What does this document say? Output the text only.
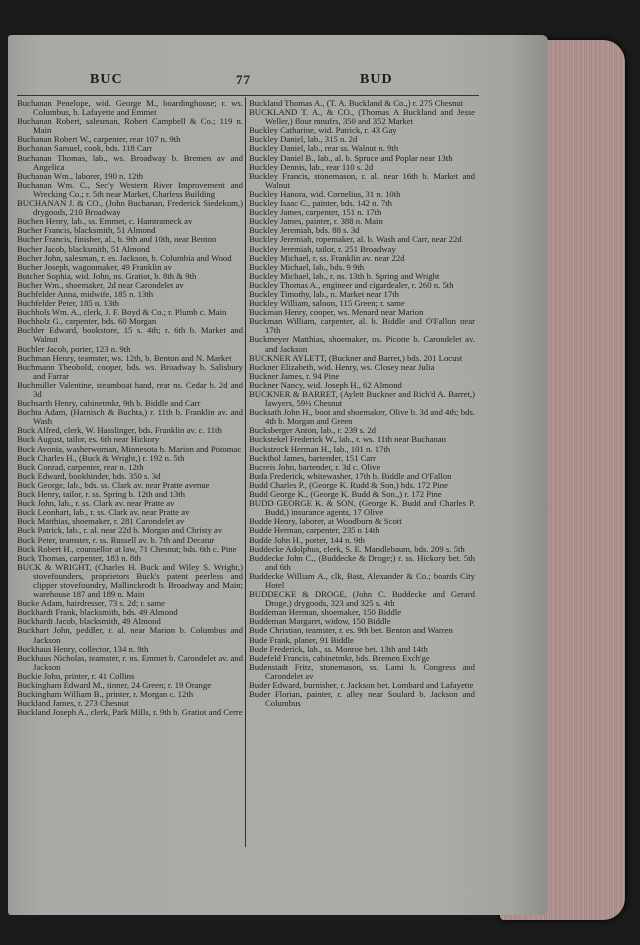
BUC	77	BUD
Buchanan Penelope, wid. George M., boardinghouse; r. ws. Columbus, b. Lafayette and Emmet
Buchanan Robert, salesman, Robert Campbell & Co.; 119 n. Main
Buchanan Robert W., carpenter, rear 107 n. 9th
Buchanan Samuel, cook, bds. 118 Carr
Buchanan Thomas, lab., ws. Broadway b. Bremen av and Angelica
Buchanan Wm., laborer, 190 n. 12th
Buchanan Wm. C., Sec'y Western River Improvement and Wrecking Co.; r. 5th near Market, Charless Building
BUCHANAN J. & CO., (John Buchanan, Frederick Siedekum,) drygoods, 210 Broadway
Buchen Henry, lab., ss. Emmet, c. Hamtrameck av
Bucher Francis, blacksmith, 51 Almond
Bucher Francis, finisher, al., b. 9th and 10th, near Benton
Bucher Jacob, blacksmith, 51 Almond
Bucher John, salesman, r. es. Jackson, b. Columbia and Wood
Bucher Joseph, wagonmaker, 49 Franklin av
Butcher Sophia, wid. John, ns. Gratiot, b. 8th & 9th
Bucher Wm., shoemaker, 2d near Carondelet av
Buchfelder Anna, midwife, 185 n. 13th
Buchfelder Peter, 185 n. 13th
Buchhols Wm. A., clerk, J. F. Boyd & Co.; r. Plumb c. Main
Buchholz G., carpenter, bds. 60 Morgan
Buchler Edward, bookstore, 15 s. 4th; r. 6th b. Market and Walnut
Buchler Jacob, porter, 123 n. 9th
Buchman Henry, teamster, ws. 12th, b. Benton and N. Market
Buchmann Theobold, cooper, bds. ws. Broadway b. Salisbury and Farrar
Buchmiller Valentine, steamboat hand, rear ns. Cedar b. 2d and 3d
Buchsarth Henry, cabinetmkr, 9th b. Biddle and Carr
Buchta Adam, (Harnisch & Buchta,) r. 11th b. Franklin av. and Wash
Buck Alfred, clerk, W. Hasslinger, bds. Franklin av. c. 11th
Buck August, tailor, es. 6th near Hickory
Buck Avonia, washerwoman, Minnesota b. Marion and Potomac
Buck Charles H., (Buck & Wright,) r. 192 n. 5th
Buck Conrad, carpenter, rear n. 12th
Buck Edward, bookbinder, bds. 350 s. 3d
Buck George, lab., bds. ss. Clark av. near Pratte avenue
Buck Henry, tailor, r. ss. Spring b. 12th and 13th
Buck John, lab., r. ss. Clark av. near Pratte av
Buck Leonhart, lab., r. ss. Clark av. near Pratte av
Buck Matthias, shoemaker, r. 281 Carondelet av
Buck Patrick, lab., r. al. near 22d b. Morgan and Christy av
Buck Peter, teamster, r. ss. Russell av. b. 7th and Decatur
Buck Robert H., counsellor at law, 71 Chesnut; bds. 6th c. Pine
Buck Thomas, carpenter, 183 n. 8th
BUCK & WRIGHT, (Charles H. Buck and Wiley S. Wright,) stovefounders, proprietors Buck's patent peerless and clipper stovefoundry, Mallinckrodt b. Broadway and Main; warehouse 187 and 189 n. Main
Bucke Adam, hairdresser, 73 s. 2d; r. same
Buckhardt Frank, blacksmith, bds. 49 Almond
Buckhardt Jacob, blacksmith, 49 Almond
Buckhart John, peddler, r. al. near Marion b. Columbus and Jackson
Buckhaus Henry, collector, 134 n. 9th
Buckhaus Nicholas, teamster, r. ns. Emmet b. Carondelet av. and Jackson
Buckie John, printer, r. 41 Collins
Buckingham Edward M., tinner, 24 Green; r. 19 Orange
Buckingham William B., printer, r. Morgan c. 12th
Buckland James, r. 273 Chesnut
Buckland Joseph A., clerk, Park Mills, r. 9th b. Gratiot and Cerre
Buckland Thomas A., (T. A. Buckland & Co.,) r. 275 Chesnut
BUCKLAND T. A., & CO., (Thomas A Buckland and Jesse Weller,) flour mnufrs, 350 and 352 Market
Buckley Catharine, wid. Patrick, r. 43 Gay
Buckley Daniel, lab., 315 n. 2d
Buckley Daniel, lab., rear ss. Walnut n. 9th
Buckley Daniel B., lab., al. b. Spruce and Poplar near 13th
Buckley Dennis, lab., rear 110 s. 2d
Buckley Francis, stonemason, r. al. near 16th b. Market and Walnut
Buckley Hanora, wid. Cornelius, 31 n. 10th
Buckley Isaac C., painter, bds. 142 n. 7th
Buckley James, carpenter, 151 n. 17th
Buckley James, painter, r. 388 n. Main
Buckley Jeremiah, bds. 88 s. 3d
Buckley Jeremiah, ropemaker, al. b. Wash and Carr, near 22d
Buckley Jeremiah, tailor, r. 251 Broadway
Buckley Michael, r. ss. Franklin av. near 22d
Buckley Michael, lab., bds. 9 9th
Buckley Michael, lab., r. ns. 13th b. Spring and Wright
Buckley Thomas A., engineer and cigardealer, r. 260 n. 5th
Buckley Timothy, lab., n. Market near 17th
Buckley William, saloon, 115 Green; r. same
Buckman Henry, cooper, ws. Menard near Marion
Buckman William, carpenter, al. b. Biddle and O'Fallon near 17th
Buckmeyer Matthias, shoemaker, ns. Picotte b. Carondelet av. and Jackson
BUCKNER AYLETT, (Buckner and Barret,) bds. 201 Locust
Buckner Elizabeth, wid. Henry, ws. Closey near Julia
Buckner James, r. 94 Pine
Buckner Nancy, wid. Joseph H., 62 Almond
BUCKNER & BARRET, (Aylett Buckner and Rich'd A. Barret,) lawyers, 59½ Chesnut
Bucksath John H., boot and shoemaker, Olive b. 3d and 4th; bds. 4th b. Morgan and Green
Bucksberger Anton, lab., r. 239 s. 2d
Buckstekel Frederick W., lab., r. ws. 11th near Buchanan
Buckstrock Herman H., lab., 101 n. 17th
Buckthol James, bartender, 151 Carr
Bucreis John, bartender, r. 3d c. Olive
Buda Frederick, whitewasher, 17th b. Biddle and O'Fallon
Budd Charles P., (George K. Rudd & Son,) bds. 172 Pine
Budd George K., (George K. Budd & Son.,) r. 172 Pine
BUDD GEORGE K. & SON, (George K. Budd and Charles P. Budd,) insurance agents, 17 Olive
Budde Henry, laborer, at Woodburn & Scott
Budde Herman, carpenter, 235 n 14th
Budde John H., porter, 144 n. 9th
Buddecke Adolphus, clerk, S. E. Mandlebaum, bds. 209 s. 5th
Buddecke John C., (Buddecke & Droge;) r. ss. Hickory bet. 5th and 6th
Buddecke William A., clk, Bast, Alexander & Co.; boards City Hotel
BUDDECKE & DROGE, (John C. Buddecke and Gerard Droge,) drygoods, 323 and 325 s. 4th
Buddeman Herman, shoemaker, 150 Biddle
Buddeman Margaret, widow, 150 Biddle
Bude Christian, teamster, r. es. 9th bet. Benton and Warren
Bude Frank, planer, 91 Biddle
Bude Frederick, lab., ss. Monroe bet. 13th and 14th
Budefeld Francis, cabinetmkr, bds. Bremen Exch'ge
Budenstadt Fritz, stonemason, ss. Lami b. Congress and Carondelet av
Buder Edward, burnisher, r. Jackson bet. Lombard and Lafayette
Buder Florian, painter, r. alley near Soulard b. Jackson and Columbus
